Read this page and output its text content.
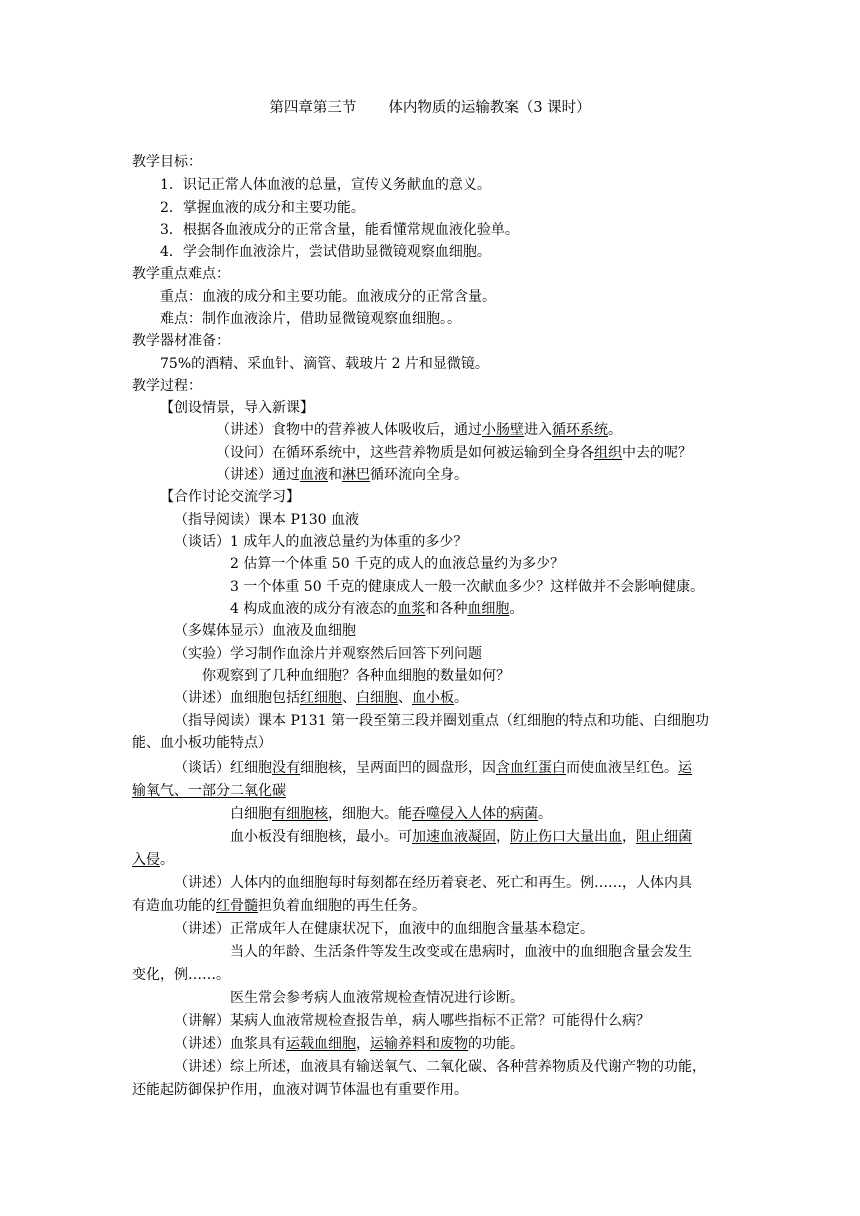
第四章第三节 体内物质的运输教案（3 课时）
教学目标：
1．识记正常人体血液的总量，宣传义务献血的意义。
2．掌握血液的成分和主要功能。
3．根据各血液成分的正常含量，能看懂常规血液化验单。
4．学会制作血液涂片，尝试借助显微镜观察血细胞。
教学重点难点：
重点：血液的成分和主要功能。血液成分的正常含量。
难点：制作血液涂片，借助显微镜观察血细胞。。
教学器材准备：
75%的酒精、采血针、滴管、载玻片 2 片和显微镜。
教学过程：
【创设情景，导入新课】
（讲述）食物中的营养被人体吸收后，通过小肠壁进入循环系统。
（设问）在循环系统中，这些营养物质是如何被运输到全身各组织中去的呢？
（讲述）通过血液和淋巴循环流向全身。
【合作讨论交流学习】
（指导阅读）课本 P130 血液
（谈话）1 成年人的血液总量约为体重的多少？
2 估算一个体重 50 千克的成人的血液总量约为多少？
3 一个体重 50 千克的健康成人一般一次献血多少？这样做并不会影响健康。
4 构成血液的成分有液态的血浆和各种血细胞。
（多媒体显示）血液及血细胞
（实验）学习制作血涂片并观察然后回答下列问题
你观察到了几种血细胞？各种血细胞的数量如何？
（讲述）血细胞包括红细胞、白细胞、血小板。
（指导阅读）课本 P131 第一段至第三段并圈划重点（红细胞的特点和功能、白细胞功
能、血小板功能特点）
（谈话）红细胞没有细胞核，呈两面凹的圆盘形，因含血红蛋白而使血液呈红色。运
输氧气、一部分二氧化碳
白细胞有细胞核，细胞大。能吞噬侵入人体的病菌。
血小板没有细胞核，最小。可加速血液凝固，防止伤口大量出血，阻止细菌
入侵。
（讲述）人体内的血细胞每时每刻都在经历着衰老、死亡和再生。例……，人体内具
有造血功能的红骨髓担负着血细胞的再生任务。
（讲述）正常成年人在健康状况下，血液中的血细胞含量基本稳定。
当人的年龄、生活条件等发生改变或在患病时，血液中的血细胞含量会发生
变化，例……。
医生常会参考病人血液常规检查情况进行诊断。
（讲解）某病人血液常规检查报告单，病人哪些指标不正常？可能得什么病？
（讲述）血浆具有运载血细胞，运输养料和废物的功能。
（讲述）综上所述，血液具有输送氧气、二氧化碳、各种营养物质及代谢产物的功能，
还能起防御保护作用，血液对调节体温也有重要作用。
